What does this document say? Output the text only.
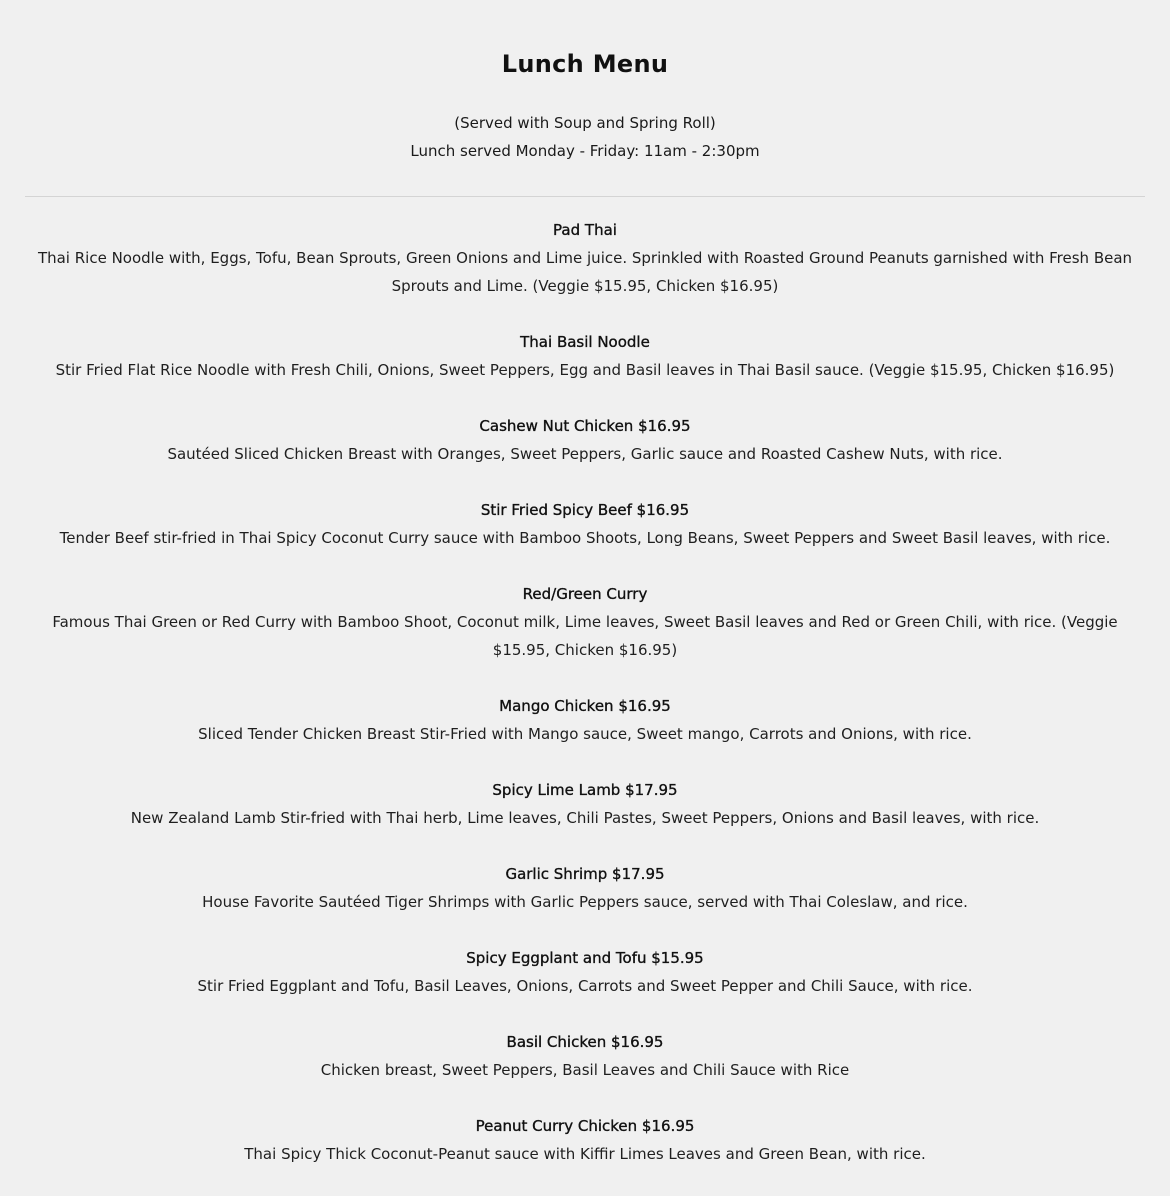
Lunch Menu
(Served with Soup and Spring Roll)
Lunch served Monday - Friday: 11am - 2:30pm
Pad Thai
Thai Rice Noodle with, Eggs, Tofu, Bean Sprouts, Green Onions and Lime juice. Sprinkled with Roasted Ground Peanuts garnished with Fresh Bean Sprouts and Lime. (Veggie $15.95, Chicken $16.95)
Thai Basil Noodle
Stir Fried Flat Rice Noodle with Fresh Chili, Onions, Sweet Peppers, Egg and Basil leaves in Thai Basil sauce. (Veggie $15.95, Chicken $16.95)
Cashew Nut Chicken $16.95
Sautéed Sliced Chicken Breast with Oranges, Sweet Peppers, Garlic sauce and Roasted Cashew Nuts, with rice.
Stir Fried Spicy Beef $16.95
Tender Beef stir-fried in Thai Spicy Coconut Curry sauce with Bamboo Shoots, Long Beans, Sweet Peppers and Sweet Basil leaves, with rice.
Red/Green Curry
Famous Thai Green or Red Curry with Bamboo Shoot, Coconut milk, Lime leaves, Sweet Basil leaves and Red or Green Chili, with rice. (Veggie $15.95, Chicken $16.95)
Mango Chicken $16.95
Sliced Tender Chicken Breast Stir-Fried with Mango sauce, Sweet mango, Carrots and Onions, with rice.
Spicy Lime Lamb $17.95
New Zealand Lamb Stir-fried with Thai herb, Lime leaves, Chili Pastes, Sweet Peppers, Onions and Basil leaves, with rice.
Garlic Shrimp $17.95
House Favorite Sautéed Tiger Shrimps with Garlic Peppers sauce, served with Thai Coleslaw, and rice.
Spicy Eggplant and Tofu $15.95
Stir Fried Eggplant and Tofu, Basil Leaves, Onions, Carrots and Sweet Pepper and Chili Sauce, with rice.
Basil Chicken $16.95
Chicken breast, Sweet Peppers, Basil Leaves and Chili Sauce with Rice
Peanut Curry Chicken $16.95
Thai Spicy Thick Coconut-Peanut sauce with Kiffir Limes Leaves and Green Bean, with rice.
